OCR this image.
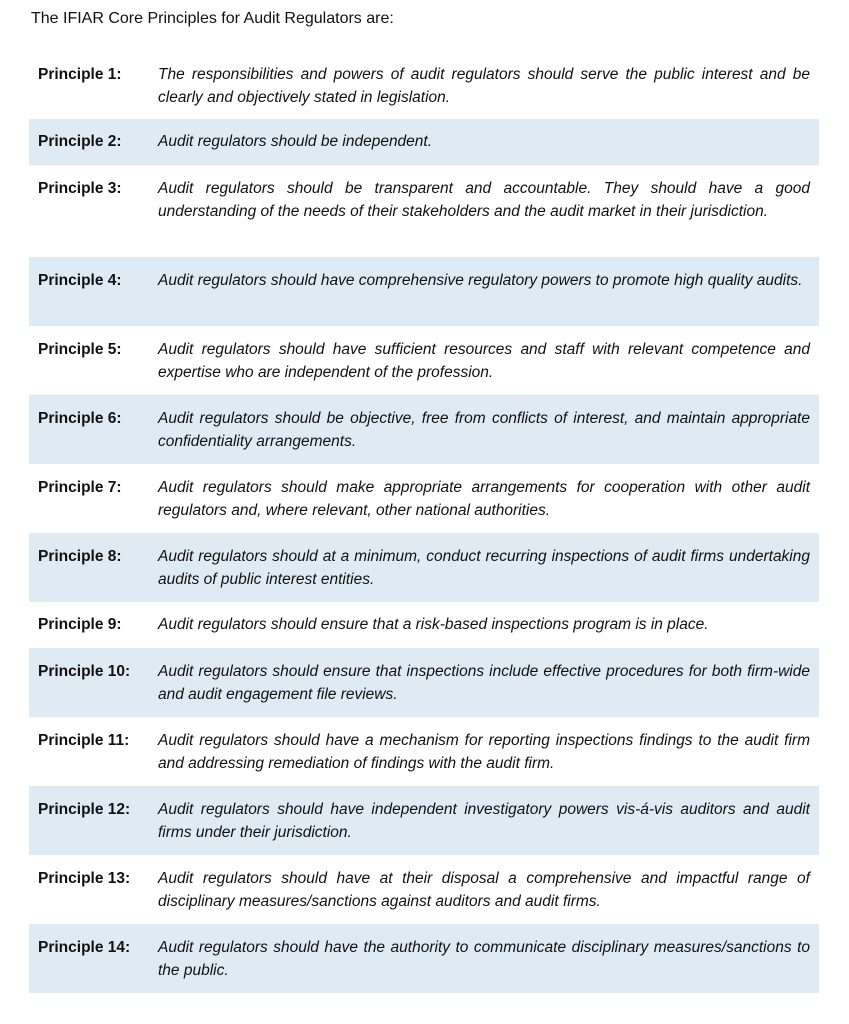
The IFIAR Core Principles for Audit Regulators are:
Principle 1: The responsibilities and powers of audit regulators should serve the public interest and be clearly and objectively stated in legislation.
Principle 2: Audit regulators should be independent.
Principle 3: Audit regulators should be transparent and accountable. They should have a good understanding of the needs of their stakeholders and the audit market in their jurisdiction.
Principle 4: Audit regulators should have comprehensive regulatory powers to promote high quality audits.
Principle 5: Audit regulators should have sufficient resources and staff with relevant competence and expertise who are independent of the profession.
Principle 6: Audit regulators should be objective, free from conflicts of interest, and maintain appropriate confidentiality arrangements.
Principle 7: Audit regulators should make appropriate arrangements for cooperation with other audit regulators and, where relevant, other national authorities.
Principle 8: Audit regulators should at a minimum, conduct recurring inspections of audit firms undertaking audits of public interest entities.
Principle 9: Audit regulators should ensure that a risk-based inspections program is in place.
Principle 10: Audit regulators should ensure that inspections include effective procedures for both firm-wide and audit engagement file reviews.
Principle 11: Audit regulators should have a mechanism for reporting inspections findings to the audit firm and addressing remediation of findings with the audit firm.
Principle 12: Audit regulators should have independent investigatory powers vis-á-vis auditors and audit firms under their jurisdiction.
Principle 13: Audit regulators should have at their disposal a comprehensive and impactful range of disciplinary measures/sanctions against auditors and audit firms.
Principle 14: Audit regulators should have the authority to communicate disciplinary measures/sanctions to the public.
